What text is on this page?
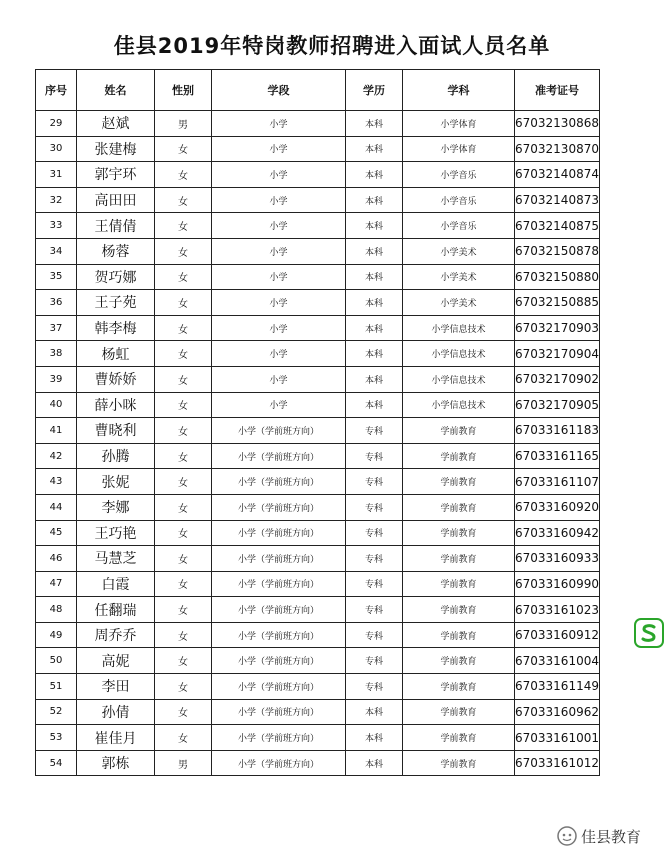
佳县2019年特岗教师招聘进入面试人员名单
序号	姓名	性别	学段	学历	学科	准考证号
29	赵斌	男	小学	本科	小学体育	67032130868
30	张建梅	女	小学	本科	小学体育	67032130870
31	郭宇环	女	小学	本科	小学音乐	67032140874
32	高田田	女	小学	本科	小学音乐	67032140873
33	王倩倩	女	小学	本科	小学音乐	67032140875
34	杨蓉	女	小学	本科	小学美术	67032150878
35	贺巧娜	女	小学	本科	小学美术	67032150880
36	王子苑	女	小学	本科	小学美术	67032150885
37	韩李梅	女	小学	本科	小学信息技术	67032170903
38	杨虹	女	小学	本科	小学信息技术	67032170904
39	曹娇娇	女	小学	本科	小学信息技术	67032170902
40	薛小咪	女	小学	本科	小学信息技术	67032170905
41	曹晓利	女	小学（学前班方向）	专科	学前教育	67033161183
42	孙腾	女	小学（学前班方向）	专科	学前教育	67033161165
43	张妮	女	小学（学前班方向）	专科	学前教育	67033161107
44	李娜	女	小学（学前班方向）	专科	学前教育	67033160920
45	王巧艳	女	小学（学前班方向）	专科	学前教育	67033160942
46	马慧芝	女	小学（学前班方向）	专科	学前教育	67033160933
47	白霞	女	小学（学前班方向）	专科	学前教育	67033160990
48	任翻瑞	女	小学（学前班方向）	专科	学前教育	67033161023
49	周乔乔	女	小学（学前班方向）	专科	学前教育	67033160912
50	高妮	女	小学（学前班方向）	专科	学前教育	67033161004
51	李田	女	小学（学前班方向）	专科	学前教育	67033161149
52	孙倩	女	小学（学前班方向）	本科	学前教育	67033160962
53	崔佳月	女	小学（学前班方向）	本科	学前教育	67033161001
54	郭栋	男	小学（学前班方向）	本科	学前教育	67033161012
佳县教育
